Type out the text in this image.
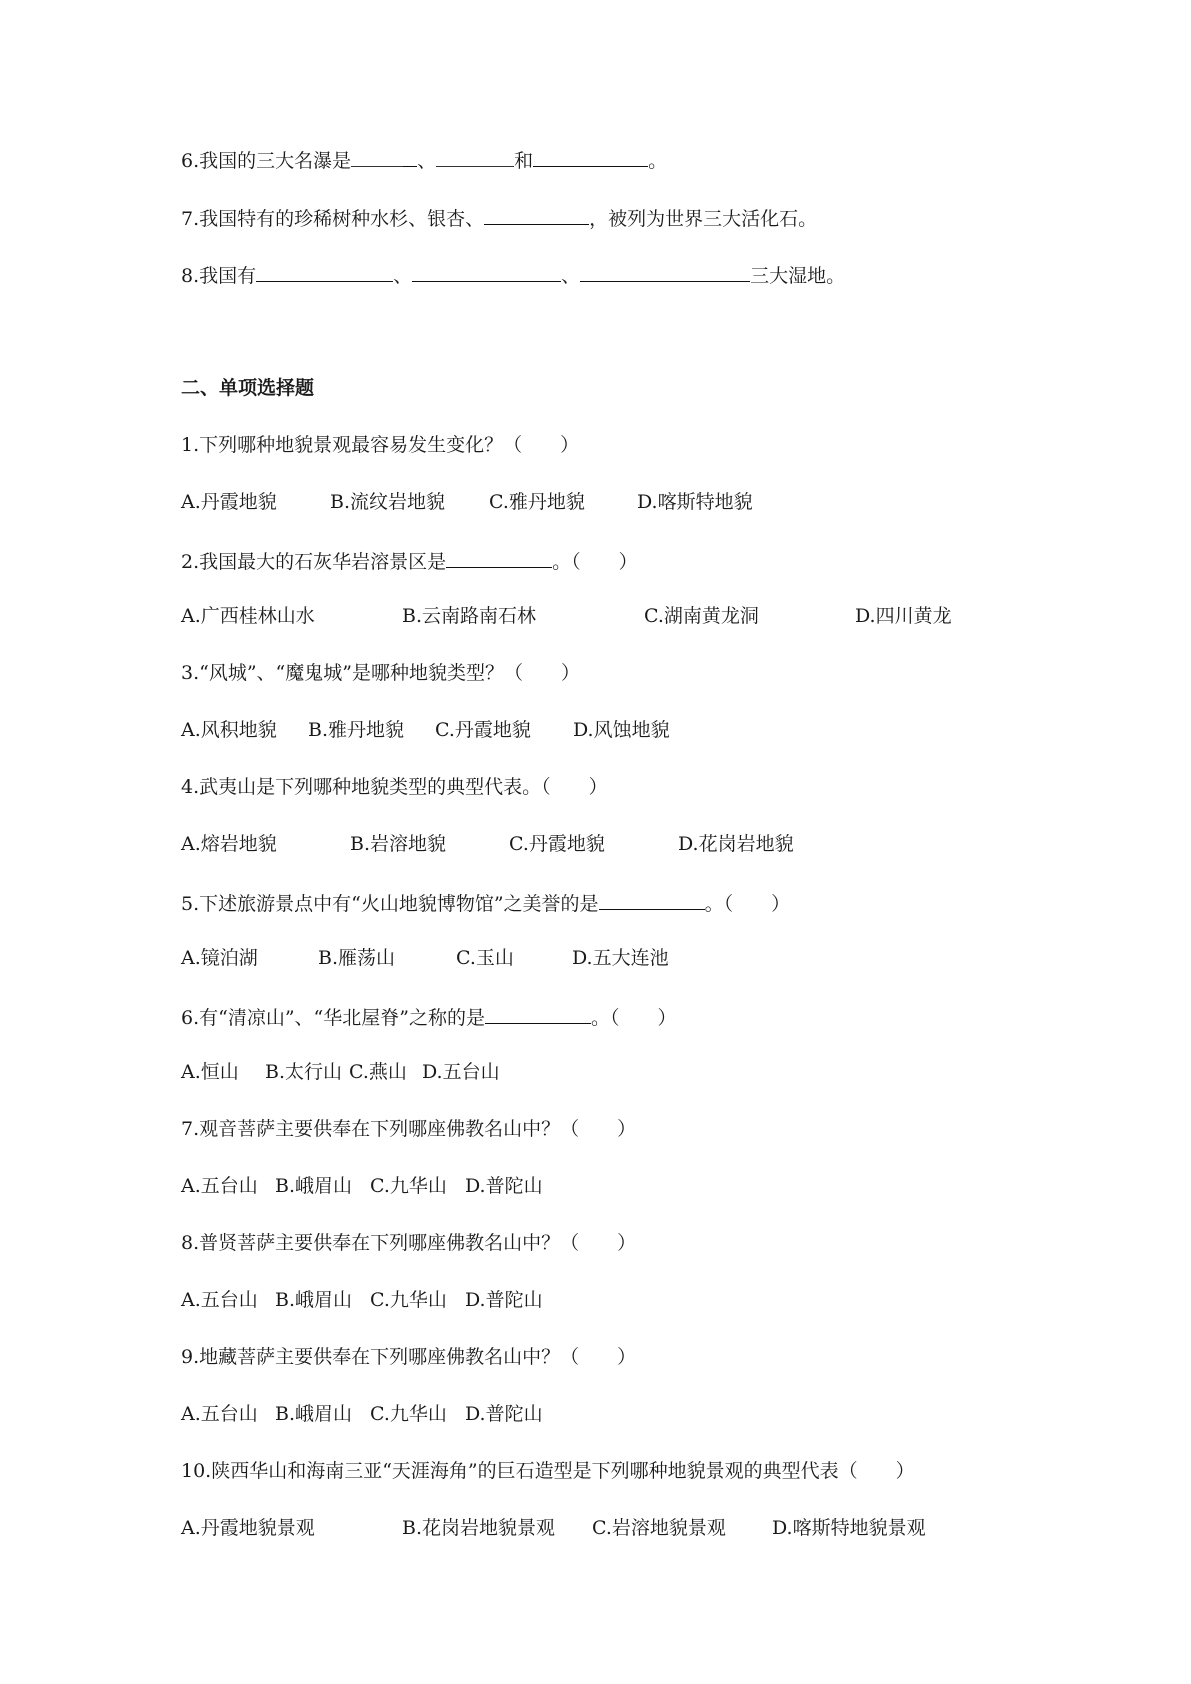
6.我国的三大名瀑是	、	和	。
7.我国特有的珍稀树种水杉、银杏、	，被列为世界三大活化石。
8.我国有	、	、	三大湿地。
二、单项选择题
1.下列哪种地貌景观最容易发生变化？（　　）
A.丹霞地貌	B.流纹岩地貌 C.雅丹地貌	D.喀斯特地貌
2.我国最大的石灰华岩溶景区是	。（　　）
A.广西桂林山水	B.云南路南石林	C.湖南黄龙洞	D.四川黄龙
3.“风城”、“魔鬼城”是哪种地貌类型？（　　）
A.风积地貌 B.雅丹地貌 C.丹霞地貌 D.风蚀地貌
4.武夷山是下列哪种地貌类型的典型代表。（　　）
A.熔岩地貌	B.岩溶地貌	C.丹霞地貌	D.花岗岩地貌
5.下述旅游景点中有“火山地貌博物馆”之美誉的是	。（　　）
A.镜泊湖	B.雁荡山	C.玉山	D.五大连池
6.有“清凉山”、“华北屋脊”之称的是	。（　　）
A.恒山 B.太行山 C.燕山 D.五台山
7.观音菩萨主要供奉在下列哪座佛教名山中？（　　）
A.五台山 B.峨眉山 C.九华山 D.普陀山
8.普贤菩萨主要供奉在下列哪座佛教名山中？（　　）
A.五台山 B.峨眉山 C.九华山 D.普陀山
9.地藏菩萨主要供奉在下列哪座佛教名山中？（　　）
A.五台山 B.峨眉山 C.九华山 D.普陀山
10.陕西华山和海南三亚“天涯海角”的巨石造型是下列哪种地貌景观的典型代表（　　）
A.丹霞地貌景观	B.花岗岩地貌景观 C.岩溶地貌景观 D.喀斯特地貌景观
